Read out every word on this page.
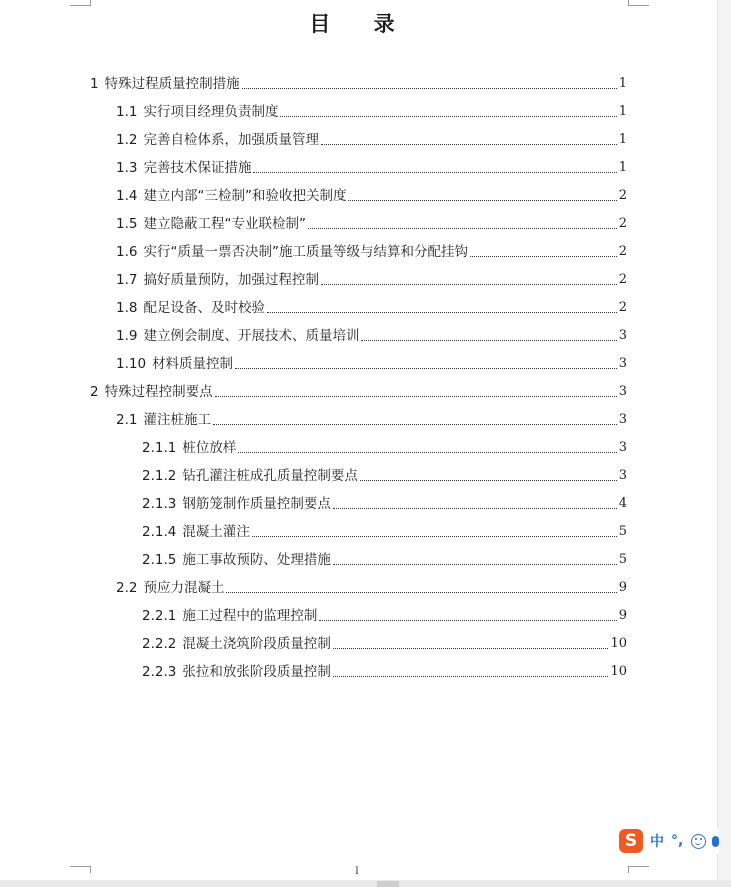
目 录
1 特殊过程质量控制措施	1
1.1 实行项目经理负责制度	1
1.2 完善自检体系，加强质量管理	1
1.3 完善技术保证措施	1
1.4 建立内部“三检制”和验收把关制度	2
1.5 建立隐蔽工程“专业联检制”	2
1.6 实行“质量一票否决制”施工质量等级与结算和分配挂钩	2
1.7 搞好质量预防，加强过程控制	2
1.8 配足设备、及时校验	2
1.9 建立例会制度、开展技术、质量培训	3
1.10 材料质量控制	3
2 特殊过程控制要点	3
2.1 灌注桩施工	3
2.1.1 桩位放样	3
2.1.2 钻孔灌注桩成孔质量控制要点	3
2.1.3 钢筋笼制作质量控制要点	4
2.1.4 混凝土灌注	5
2.1.5 施工事故预防、处理措施	5
2.2 预应力混凝土	9
2.2.1 施工过程中的监理控制	9
2.2.2 混凝土浇筑阶段质量控制	10
2.2.3 张拉和放张阶段质量控制	10
I
S 中 °,
